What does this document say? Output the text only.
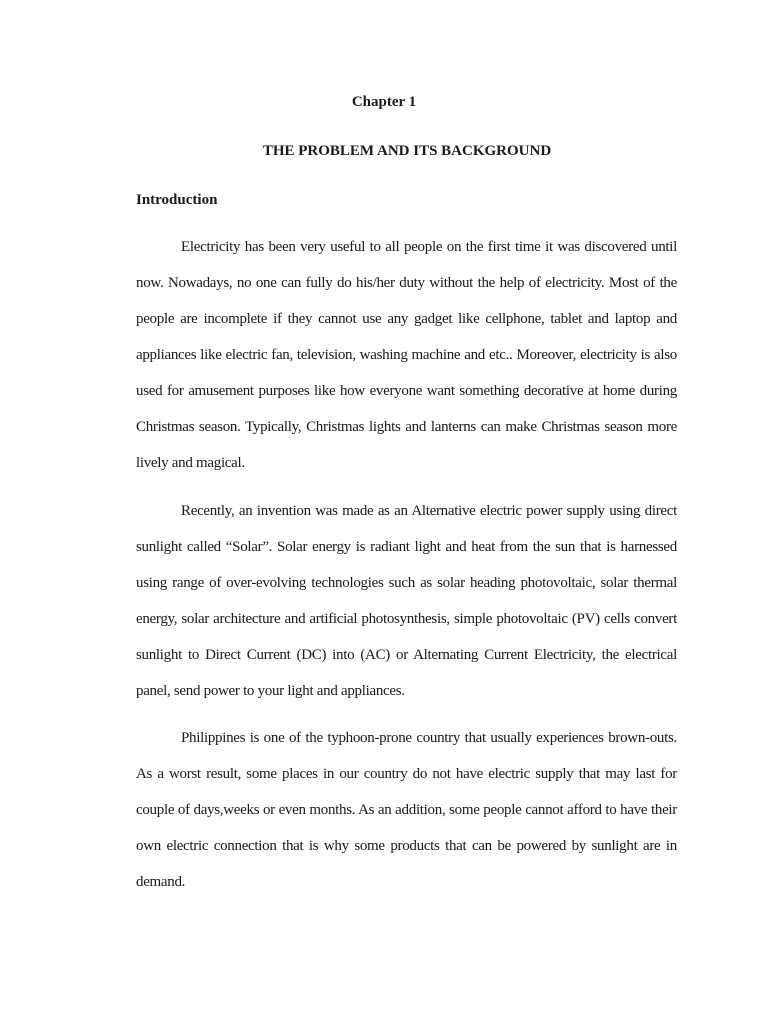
Chapter 1

THE PROBLEM AND ITS BACKGROUND

Introduction

Electricity has been very useful to all people on the first time it was discovered until now. Nowadays, no one can fully do his/her duty without the help of electricity. Most of the people are incomplete if they cannot use any gadget like cellphone, tablet and laptop and appliances like electric fan, television, washing machine and etc.. Moreover, electricity is also used for amusement purposes like how everyone want something decorative at home during Christmas season. Typically, Christmas lights and lanterns can make Christmas season more lively and magical.

Recently, an invention was made as an Alternative electric power supply using direct sunlight called “Solar”. Solar energy is radiant light and heat from the sun that is harnessed using range of over-evolving technologies such as solar heading photovoltaic, solar thermal energy, solar architecture and artificial photosynthesis, simple photovoltaic (PV) cells convert sunlight to Direct Current (DC) into (AC) or Alternating Current Electricity, the electrical panel, send power to your light and appliances.

Philippines is one of the typhoon-prone country that usually experiences brown-outs. As a worst result, some places in our country do not have electric supply that may last for couple of days,weeks or even months. As an addition, some people cannot afford to have their own electric connection that is why some products that can be powered by sunlight are in demand.
